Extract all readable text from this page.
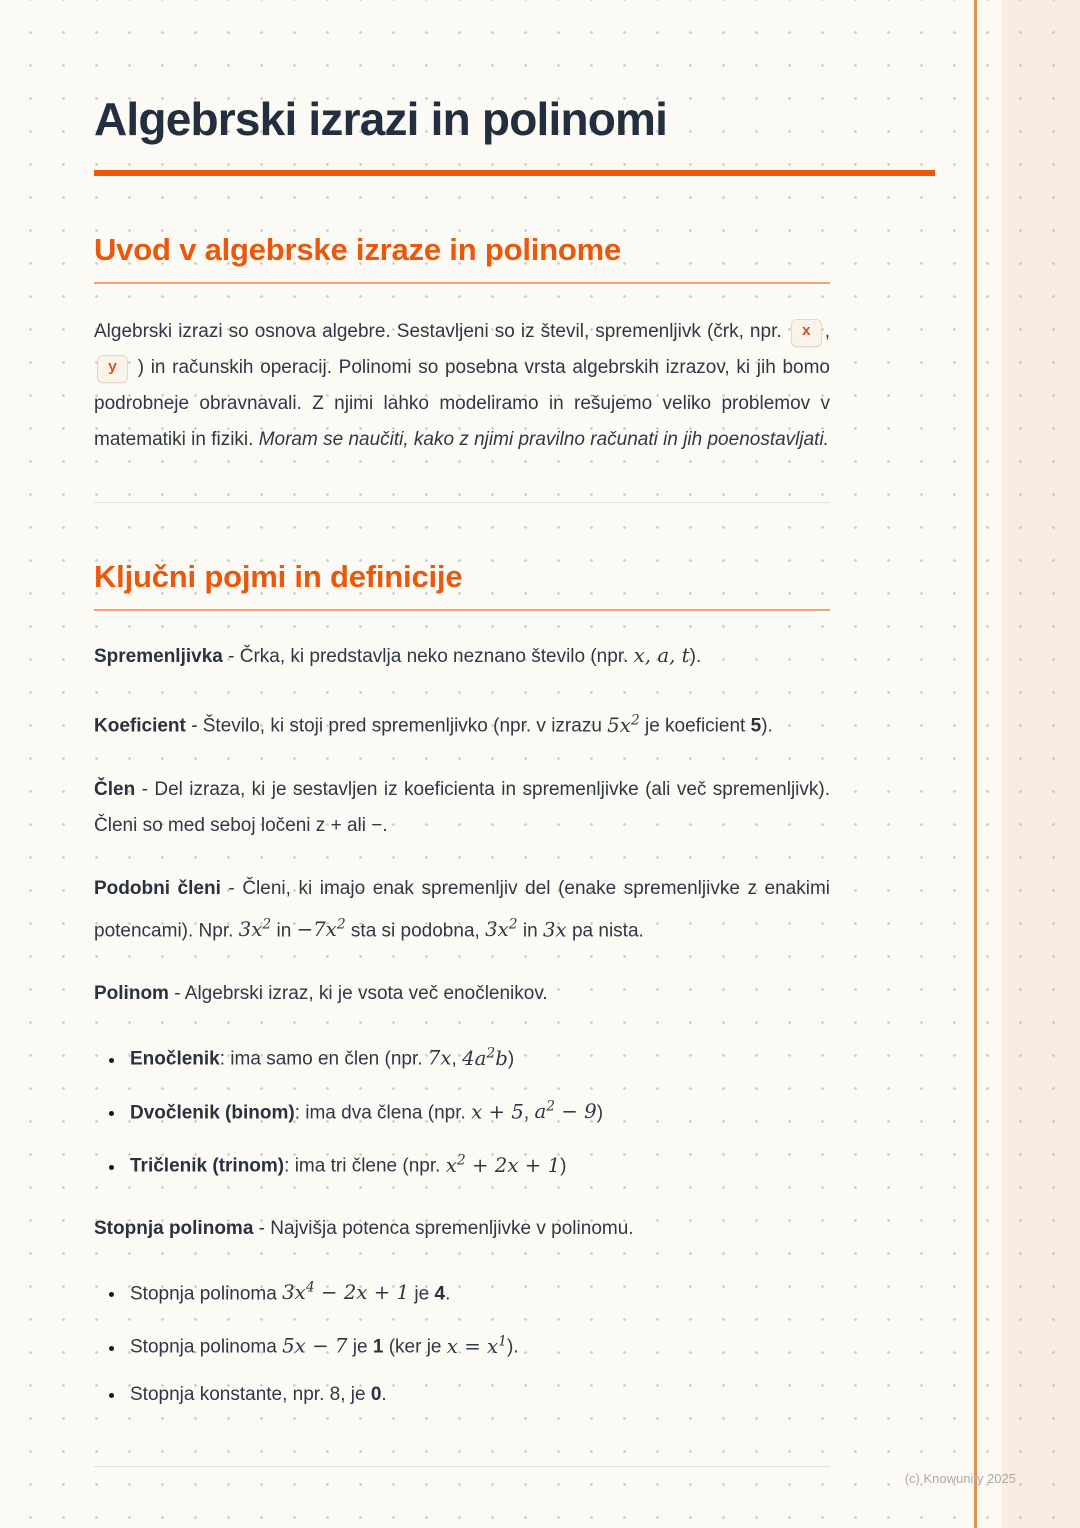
Algebrski izrazi in polinomi
Uvod v algebrske izraze in polinome

Algebrski izrazi so osnova algebre. Sestavljeni so iz števil, spremenljivk (črk, npr. x , y ) in računskih operacij. Polinomi so posebna vrsta algebrskih izrazov, ki jih bomo podrobneje obravnavali. Z njimi lahko modeliramo in rešujemo veliko problemov v matematiki in fiziki. Moram se naučiti, kako z njimi pravilno računati in jih poenostavljati.

Ključni pojmi in definicije

Spremenljivka - Črka, ki predstavlja neko neznano število (npr. x, a, t).

Koeficient - Število, ki stoji pred spremenljivko (npr. v izrazu $5x^2$ je koeficient 5).

Člen - Del izraza, ki je sestavljen iz koeficienta in spremenljivke (ali več spremenljivk). Členi so med seboj ločeni z + ali −.

Podobni členi - Členi, ki imajo enak spremenljiv del (enake spremenljivke z enakimi potencami). Npr. $3x^2$ in $-7x^2$ sta si podobna, $3x^2$ in 3x pa nista.

Polinom - Algebrski izraz, ki je vsota več enočlenikov.

• Enočlenik: ima samo en člen (npr. 7x, $4a^2b$)
• Dvočlenik (binom): ima dva člena (npr. x + 5, $a^2 - 9$)
• Tričlenik (trinom): ima tri člene (npr. $x^2 + 2x + 1$)

Stopnja polinoma - Najvišja potenca spremenljivke v polinomu.

• Stopnja polinoma $3x^4 - 2x + 1$ je 4.
• Stopnja polinoma 5x − 7 je 1 (ker je $x = x^1$).
• Stopnja konstante, npr. 8, je 0.
(c) Knowunity 2025
